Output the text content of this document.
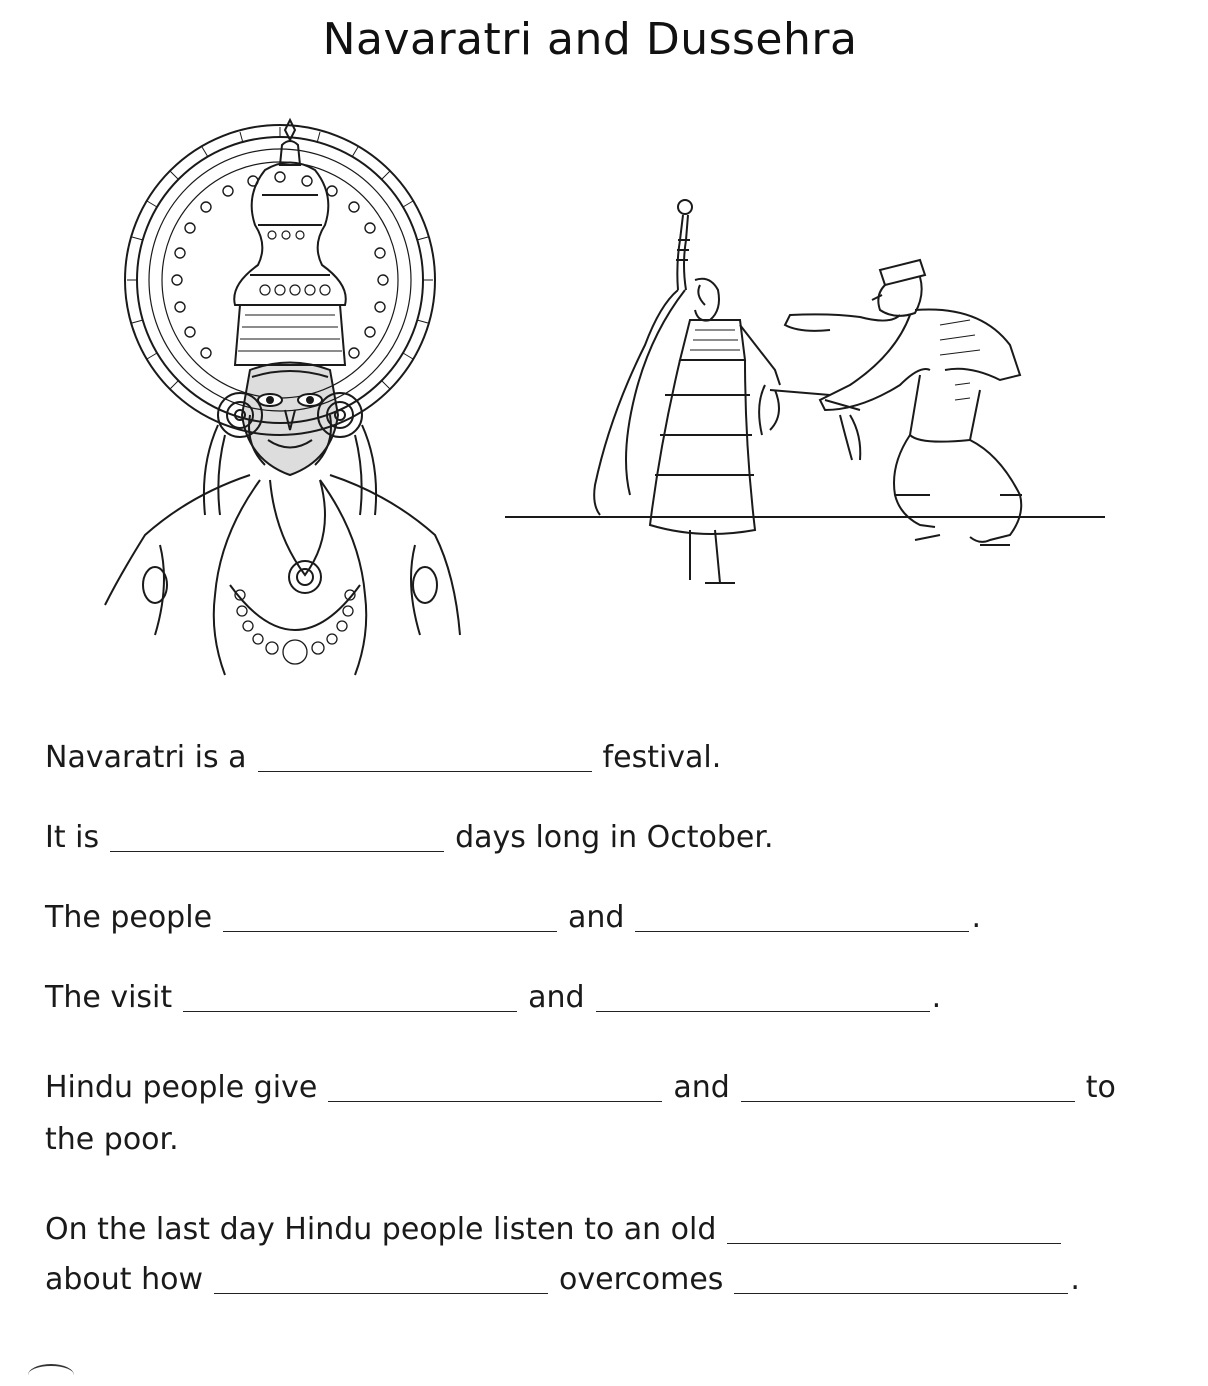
Navaratri and Dussehra
Navaratri is a	festival.
It is	days long in October.
The people	and	.
The visit	and	.
Hindu people give	and	to
the poor.
On the last day Hindu people listen to an old
about how	overcomes	.
